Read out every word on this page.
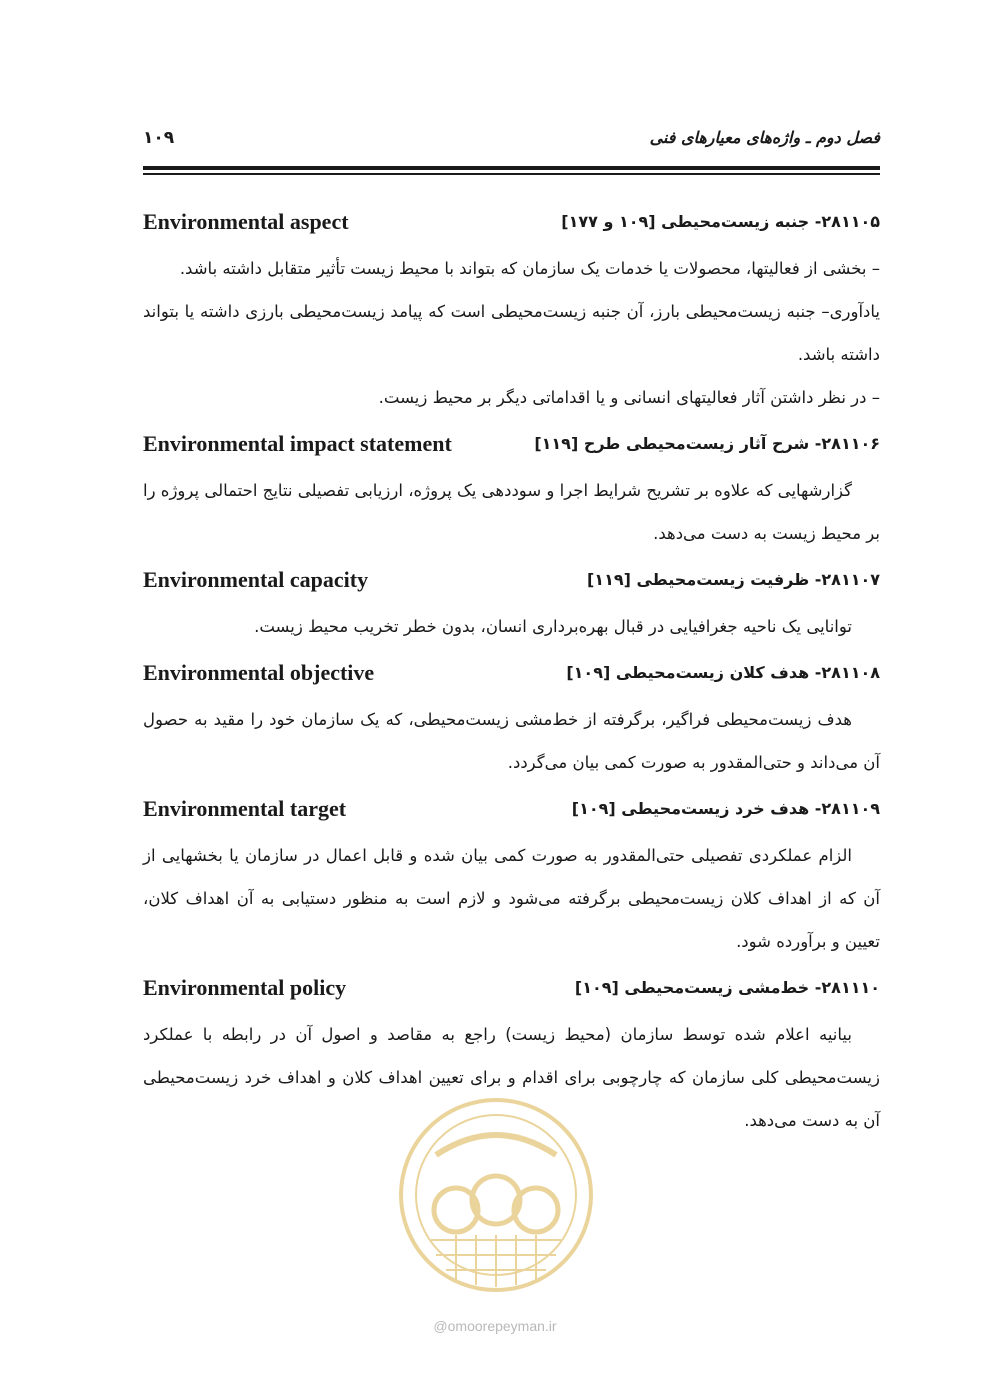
فصل دوم ـ واژه‌های معیارهای فنی
۱۰۹
۲۸۱۱۰۵- جنبه زیست‌محیطی [۱۰۹ و ۱۷۷]
Environmental aspect

– بخشی از فعالیتها، محصولات یا خدمات یک سازمان که بتواند با محیط زیست تأثیر متقابل داشته باشد.

یادآوری– جنبه زیست‌محیطی بارز، آن جنبه زیست‌محیطی است که پیامد زیست‌محیطی بارزی داشته یا بتواند داشته باشد.

– در نظر داشتن آثار فعالیتهای انسانی و یا اقداماتی دیگر بر محیط زیست.

۲۸۱۱۰۶- شرح آثار زیست‌محیطی طرح [۱۱۹]
Environmental impact statement

گزارشهایی که علاوه بر تشریح شرایط اجرا و سوددهی یک پروژه، ارزیابی تفصیلی نتایج احتمالی پروژه را بر محیط زیست به دست می‌دهد.

۲۸۱۱۰۷- ظرفیت زیست‌محیطی [۱۱۹]
Environmental capacity

توانایی یک ناحیه جغرافیایی در قبال بهره‌برداری انسان، بدون خطر تخریب محیط زیست.

۲۸۱۱۰۸- هدف کلان زیست‌محیطی [۱۰۹]
Environmental objective

هدف زیست‌محیطی فراگیر، برگرفته از خط‌مشی زیست‌محیطی، که یک سازمان خود را مقید به حصول آن می‌داند و حتی‌المقدور به صورت کمی بیان می‌گردد.

۲۸۱۱۰۹- هدف خرد زیست‌محیطی [۱۰۹]
Environmental target

الزام عملکردی تفصیلی حتی‌المقدور به صورت کمی بیان شده و قابل اعمال در سازمان یا بخشهایی از آن که از اهداف کلان زیست‌محیطی برگرفته می‌شود و لازم است به منظور دستیابی به آن اهداف کلان، تعیین و برآورده شود.

۲۸۱۱۱۰- خط‌مشی زیست‌محیطی [۱۰۹]
Environmental policy

بیانیه اعلام شده توسط سازمان (محیط زیست) راجع به مقاصد و اصول آن در رابطه با عملکرد زیست‌محیطی کلی سازمان که چارچوبی برای اقدام و برای تعیین اهداف کلان و اهداف خرد زیست‌محیطی آن به دست می‌دهد.

@omoorepeyman.ir
